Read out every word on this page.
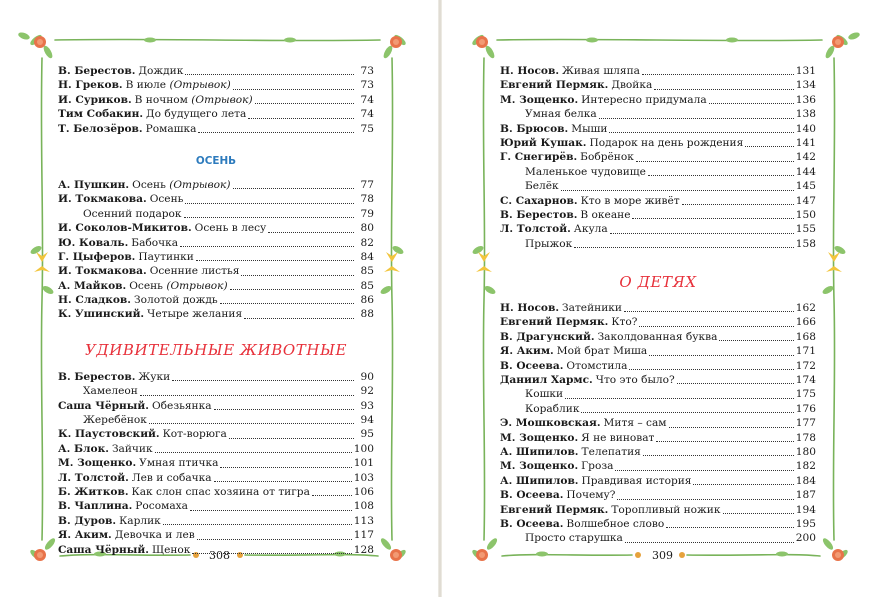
В. Берестов. Дождик	73
Н. Греков. В июле (Отрывок)	73
И. Суриков. В ночном (Отрывок)	74
Тим Собакин. До будущего лета	74
Т. Белозёров. Ромашка	75
ОСЕНЬ
А. Пушкин. Осень (Отрывок)	77
И. Токмакова. Осень	78
Осенний подарок	79
И. Соколов-Микитов. Осень в лесу	80
Ю. Коваль. Бабочка	82
Г. Цыферов. Паутинки	84
И. Токмакова. Осенние листья	85
А. Майков. Осень (Отрывок)	85
Н. Сладков. Золотой дождь	86
К. Ушинский. Четыре желания	88
УДИВИТЕЛЬНЫЕ ЖИВОТНЫЕ
В. Берестов. Жуки	90
Хамелеон	92
Саша Чёрный. Обезьянка	93
Жеребёнок	94
К. Паустовский. Кот-ворюга	95
А. Блок. Зайчик	100
М. Зощенко. Умная птичка	101
Л. Толстой. Лев и собачка	103
Б. Житков. Как слон спас хозяина от тигра	106
В. Чаплина. Росомаха	108
В. Дуров. Карлик	113
Я. Аким. Девочка и лев	117
Саша Чёрный. Щенок	128
308
Н. Носов. Живая шляпа	131
Евгений Пермяк. Двойка	134
М. Зощенко. Интересно придумала	136
Умная белка	138
В. Брюсов. Мыши	140
Юрий Кушак. Подарок на день рождения	141
Г. Снегирёв. Бобрёнок	142
Маленькое чудовище	144
Белёк	145
С. Сахарнов. Кто в море живёт	147
В. Берестов. В океане	150
Л. Толстой. Акула	155
Прыжок	158
О ДЕТЯХ
Н. Носов. Затейники	162
Евгений Пермяк. Кто?	166
В. Драгунский. Заколдованная буква	168
Я. Аким. Мой брат Миша	171
В. Осеева. Отомстила	172
Даниил Хармс. Что это было?	174
Кошки	175
Кораблик	176
Э. Мошковская. Митя – сам	177
М. Зощенко. Я не виноват	178
А. Шипилов. Телепатия	180
М. Зощенко. Гроза	182
А. Шипилов. Правдивая история	184
В. Осеева. Почему?	187
Евгений Пермяк. Торопливый ножик	194
В. Осеева. Волшебное слово	195
Просто старушка	200
309
